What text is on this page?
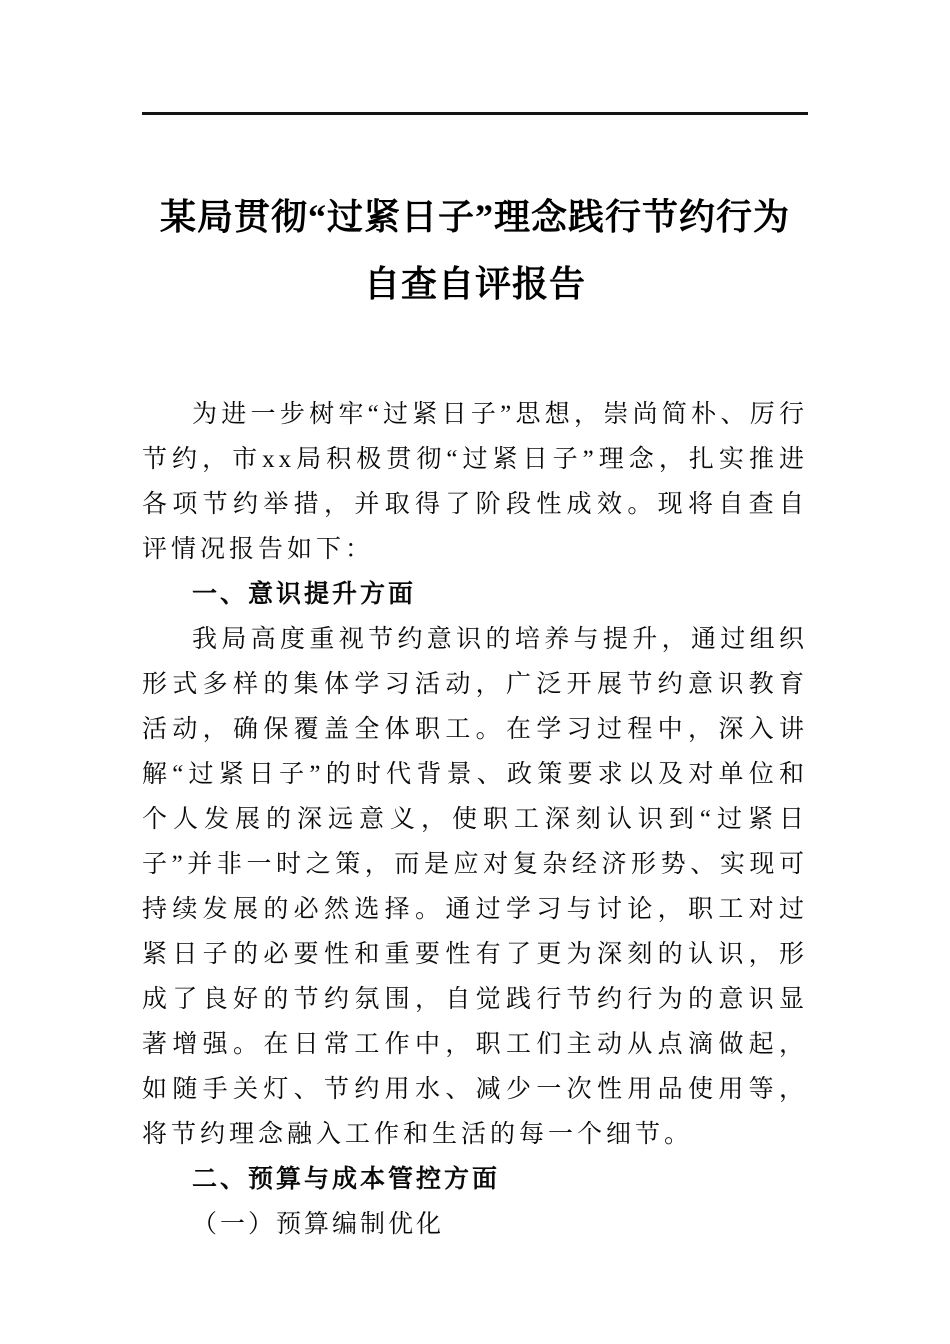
某局贯彻“过紧日子”理念践行节约行为
自查自评报告

为进一步树牢“过紧日子”思想，崇尚简朴、厉行节约，市xx局积极贯彻“过紧日子”理念，扎实推进各项节约举措，并取得了阶段性成效。现将自查自评情况报告如下：

一、意识提升方面

我局高度重视节约意识的培养与提升，通过组织形式多样的集体学习活动，广泛开展节约意识教育活动，确保覆盖全体职工。在学习过程中，深入讲解“过紧日子”的时代背景、政策要求以及对单位和个人发展的深远意义，使职工深刻认识到“过紧日子”并非一时之策，而是应对复杂经济形势、实现可持续发展的必然选择。通过学习与讨论，职工对过紧日子的必要性和重要性有了更为深刻的认识，形成了良好的节约氛围，自觉践行节约行为的意识显著增强。在日常工作中，职工们主动从点滴做起，如随手关灯、节约用水、减少一次性用品使用等，将节约理念融入工作和生活的每一个细节。

二、预算与成本管控方面

（一）预算编制优化
